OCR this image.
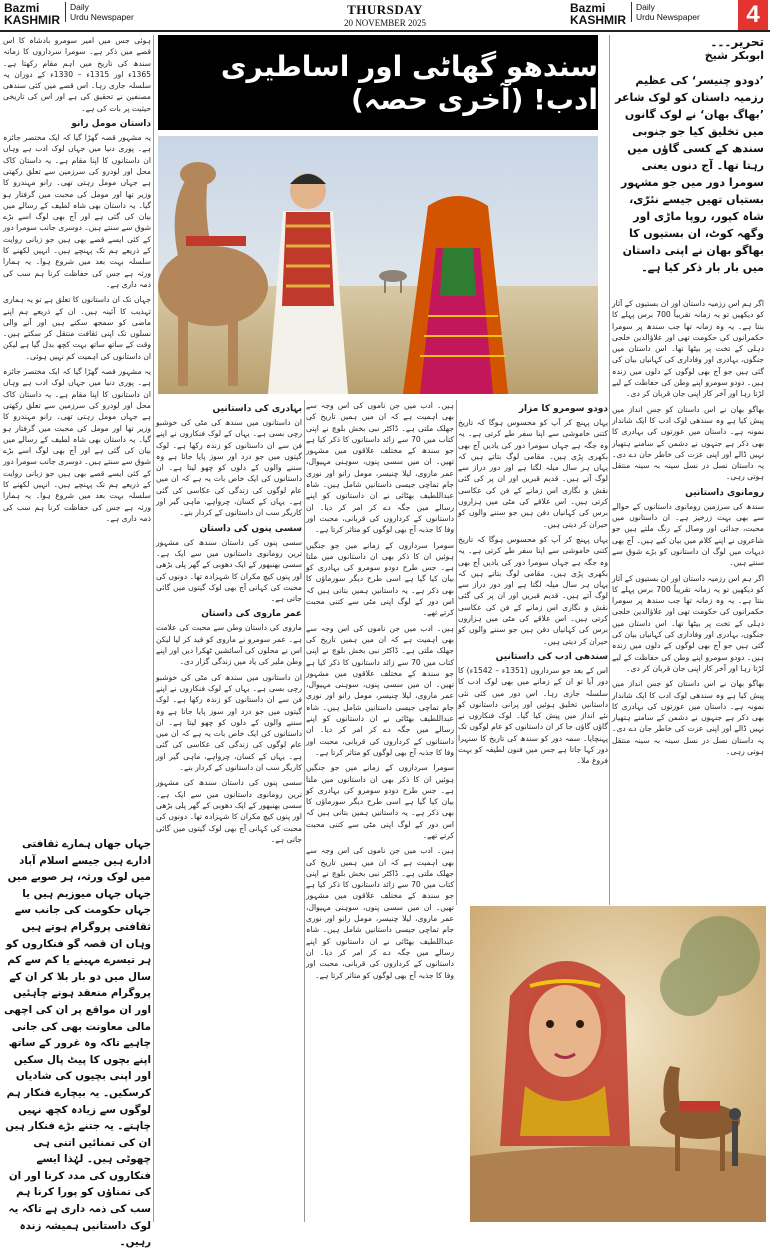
Bazmi
KASHMIR
Daily
Urdu Newspaper	THURSDAY
20 NOVEMBER 2025
Bazmi
KASHMIR
Daily
Urdu Newspaper	4
سندھو گھاٹی اور اساطیری ادب! (آخری حصہ)
تحریر۔۔۔
ابوبکر شیخ
’دودو چنیسر‘ کی عظیم رزمیہ داستان کو لوک شاعر ’بھاگ بھان‘ نے لوک گانوں میں تخلیق کیا جو جنوبی سندھ کے کسی گاؤں میں رہتا تھا۔ آج دنوں یعنی سومرا دور میں جو مشہور بستیاں تھیں جیسے نئرّی، شاہ کپور، روپا ماڑی اور وگھہ کوٹ، ان بستیوں کا بھاگو بھان نے اپنی داستان میں بار بار ذکر کیا ہے۔

اگر ہم اس رزمیہ داستان اور ان بستیوں کے آثار کو دیکھیں تو یہ زمانہ تقریباً 700 برس پہلے کا بنتا ہے۔ یہ وہ زمانہ تھا جب سندھ پر سومرا حکمرانوں کی حکومت تھی اور علاؤالدین خلجی دہلی کے تخت پر بیٹھا تھا۔ اس داستان میں جنگوں، بہادری اور وفاداری کی کہانیاں بیان کی گئی ہیں جو آج بھی لوگوں کے دلوں میں زندہ ہیں۔ دودو سومرو اپنے وطن کی حفاظت کے لیے لڑتا رہا اور آخر کار اپنی جان قربان کر دی۔

بھاگو بھان نے اس داستان کو جس انداز میں پیش کیا ہے وہ سندھی لوک ادب کا ایک شاندار نمونہ ہے۔ داستان میں عورتوں کی بہادری کا بھی ذکر ہے جنہوں نے دشمن کے سامنے ہتھیار نہیں ڈالے اور اپنی عزت کی خاطر جان دے دی۔ یہ داستان نسل در نسل سینہ بہ سینہ منتقل ہوتی رہی۔

رومانوی داستانیں

سندھ کی سرزمین رومانوی داستانوں کے حوالے سے بھی بہت زرخیز ہے۔ ان داستانوں میں محبت، جدائی اور وصال کے رنگ ملتے ہیں جو شاعروں نے اپنے کلام میں بیان کیے ہیں۔ آج بھی دیہات میں لوگ ان داستانوں کو بڑے شوق سے سنتے ہیں۔

اگر ہم اس رزمیہ داستان اور ان بستیوں کے آثار کو دیکھیں تو یہ زمانہ تقریباً 700 برس پہلے کا بنتا ہے۔ یہ وہ زمانہ تھا جب سندھ پر سومرا حکمرانوں کی حکومت تھی اور علاؤالدین خلجی دہلی کے تخت پر بیٹھا تھا۔ اس داستان میں جنگوں، بہادری اور وفاداری کی کہانیاں بیان کی گئی ہیں جو آج بھی لوگوں کے دلوں میں زندہ ہیں۔ دودو سومرو اپنے وطن کی حفاظت کے لیے لڑتا رہا اور آخر کار اپنی جان قربان کر دی۔

بھاگو بھان نے اس داستان کو جس انداز میں پیش کیا ہے وہ سندھی لوک ادب کا ایک شاندار نمونہ ہے۔ داستان میں عورتوں کی بہادری کا بھی ذکر ہے جنہوں نے دشمن کے سامنے ہتھیار نہیں ڈالے اور اپنی عزت کی خاطر جان دے دی۔ یہ داستان نسل در نسل سینہ بہ سینہ منتقل ہوتی رہی۔

دودو سومرو کا مزار

یہاں پہنچ کر آپ کو محسوس ہوگا کہ تاریخ کتنی خاموشی سے اپنا سفر طے کرتی ہے۔ یہ وہ جگہ ہے جہاں سومرا دور کی یادیں آج بھی بکھری پڑی ہیں۔ مقامی لوگ بتاتے ہیں کہ یہاں ہر سال میلہ لگتا ہے اور دور دراز سے لوگ آتے ہیں۔ قدیم قبریں اور ان پر کی گئی نقش و نگاری اس زمانے کے فن کی عکاسی کرتی ہیں۔ اس علاقے کی مٹی میں ہزاروں برس کی کہانیاں دفن ہیں جو سننے والوں کو حیران کر دیتی ہیں۔

یہاں پہنچ کر آپ کو محسوس ہوگا کہ تاریخ کتنی خاموشی سے اپنا سفر طے کرتی ہے۔ یہ وہ جگہ ہے جہاں سومرا دور کی یادیں آج بھی بکھری پڑی ہیں۔ مقامی لوگ بتاتے ہیں کہ یہاں ہر سال میلہ لگتا ہے اور دور دراز سے لوگ آتے ہیں۔ قدیم قبریں اور ان پر کی گئی نقش و نگاری اس زمانے کے فن کی عکاسی کرتی ہیں۔ اس علاقے کی مٹی میں ہزاروں برس کی کہانیاں دفن ہیں جو سننے والوں کو حیران کر دیتی ہیں۔

سندھی ادب کی داستانیں

اس کے بعد جو سرداروں (1351ء – 1542ء) کا دور آیا تو ان کے زمانے میں بھی لوک ادب کا سلسلہ جاری رہا۔ اس دور میں کئی نئی داستانیں تخلیق ہوئیں اور پرانی داستانوں کو نئے انداز میں پیش کیا گیا۔ لوک فنکاروں نے گاؤں گاؤں جا کر ان داستانوں کو عام لوگوں تک پہنچایا۔ سمہ دور کو سندھ کی تاریخ کا سنہرا دور کہا جاتا ہے جس میں فنون لطیفہ کو بہت فروغ ملا۔

ہیں۔ ادب میں جن ناموں کی اس وجہ سے بھی اہمیت ہے کہ ان میں ہمیں تاریخ کی جھلک ملتی ہے۔ ڈاکٹر نبی بخش بلوچ نے اپنی کتاب میں 70 سے زائد داستانوں کا ذکر کیا ہے جو سندھ کے مختلف علاقوں میں مشہور تھیں۔ ان میں سسی پنوں، سوہنی مہیوال، عمر ماروی، لیلا چنیسر، مومل رانو اور نوری جام تماچی جیسی داستانیں شامل ہیں۔ شاہ عبداللطیف بھٹائی نے ان داستانوں کو اپنے رسالے میں جگہ دے کر امر کر دیا۔ ان داستانوں کے کرداروں کی قربانی، محبت اور وفا کا جذبہ آج بھی لوگوں کو متاثر کرتا ہے۔

سومرا سرداروں کے زمانے میں جو جنگیں ہوئیں ان کا ذکر بھی ان داستانوں میں ملتا ہے۔ جس طرح دودو سومرو کی بہادری کو بیان کیا گیا ہے اسی طرح دیگر سورماؤں کا بھی ذکر ہے۔ یہ داستانیں ہمیں بتاتی ہیں کہ اس دور کے لوگ اپنی مٹی سے کتنی محبت کرتے تھے۔

ہیں۔ ادب میں جن ناموں کی اس وجہ سے بھی اہمیت ہے کہ ان میں ہمیں تاریخ کی جھلک ملتی ہے۔ ڈاکٹر نبی بخش بلوچ نے اپنی کتاب میں 70 سے زائد داستانوں کا ذکر کیا ہے جو سندھ کے مختلف علاقوں میں مشہور تھیں۔ ان میں سسی پنوں، سوہنی مہیوال، عمر ماروی، لیلا چنیسر، مومل رانو اور نوری جام تماچی جیسی داستانیں شامل ہیں۔ شاہ عبداللطیف بھٹائی نے ان داستانوں کو اپنے رسالے میں جگہ دے کر امر کر دیا۔ ان داستانوں کے کرداروں کی قربانی، محبت اور وفا کا جذبہ آج بھی لوگوں کو متاثر کرتا ہے۔

سومرا سرداروں کے زمانے میں جو جنگیں ہوئیں ان کا ذکر بھی ان داستانوں میں ملتا ہے۔ جس طرح دودو سومرو کی بہادری کو بیان کیا گیا ہے اسی طرح دیگر سورماؤں کا بھی ذکر ہے۔ یہ داستانیں ہمیں بتاتی ہیں کہ اس دور کے لوگ اپنی مٹی سے کتنی محبت کرتے تھے۔

ہیں۔ ادب میں جن ناموں کی اس وجہ سے بھی اہمیت ہے کہ ان میں ہمیں تاریخ کی جھلک ملتی ہے۔ ڈاکٹر نبی بخش بلوچ نے اپنی کتاب میں 70 سے زائد داستانوں کا ذکر کیا ہے جو سندھ کے مختلف علاقوں میں مشہور تھیں۔ ان میں سسی پنوں، سوہنی مہیوال، عمر ماروی، لیلا چنیسر، مومل رانو اور نوری جام تماچی جیسی داستانیں شامل ہیں۔ شاہ عبداللطیف بھٹائی نے ان داستانوں کو اپنے رسالے میں جگہ دے کر امر کر دیا۔ ان داستانوں کے کرداروں کی قربانی، محبت اور وفا کا جذبہ آج بھی لوگوں کو متاثر کرتا ہے۔

بہادری کی داستانیں

ان داستانوں میں سندھ کی مٹی کی خوشبو رچی بسی ہے۔ یہاں کے لوک فنکاروں نے اپنے فن سے ان داستانوں کو زندہ رکھا ہے۔ لوک گیتوں میں جو درد اور سوز پایا جاتا ہے وہ سننے والوں کے دلوں کو چھو لیتا ہے۔ ان داستانوں کی ایک خاص بات یہ ہے کہ ان میں عام لوگوں کی زندگی کی عکاسی کی گئی ہے۔ یہاں کے کسان، چرواہے، ماہی گیر اور کاریگر سب ان داستانوں کے کردار بنے۔

سسی پنوں کی داستان

سسی پنوں کی داستان سندھ کی مشہور ترین رومانوی داستانوں میں سے ایک ہے۔ سسی بھنبھور کے ایک دھوبی کے گھر پلی بڑھی اور پنوں کیچ مکران کا شہزادہ تھا۔ دونوں کی محبت کی کہانی آج بھی لوک گیتوں میں گائی جاتی ہے۔

عمر ماروی کی داستان

ماروی کی داستان وطن سے محبت کی علامت ہے۔ عمر سومرو نے ماروی کو قید کر لیا لیکن اس نے محلوں کی آسائشیں ٹھکرا دیں اور اپنے وطن ملیر کی یاد میں زندگی گزار دی۔

ان داستانوں میں سندھ کی مٹی کی خوشبو رچی بسی ہے۔ یہاں کے لوک فنکاروں نے اپنے فن سے ان داستانوں کو زندہ رکھا ہے۔ لوک گیتوں میں جو درد اور سوز پایا جاتا ہے وہ سننے والوں کے دلوں کو چھو لیتا ہے۔ ان داستانوں کی ایک خاص بات یہ ہے کہ ان میں عام لوگوں کی زندگی کی عکاسی کی گئی ہے۔ یہاں کے کسان، چرواہے، ماہی گیر اور کاریگر سب ان داستانوں کے کردار بنے۔

سسی پنوں کی داستان سندھ کی مشہور ترین رومانوی داستانوں میں سے ایک ہے۔ سسی بھنبھور کے ایک دھوبی کے گھر پلی بڑھی اور پنوں کیچ مکران کا شہزادہ تھا۔ دونوں کی محبت کی کہانی آج بھی لوک گیتوں میں گائی جاتی ہے۔

ہوئی جس میں امیر سومرو بادشاہ کا اس قصے میں ذکر ہے۔ سومرا سرداروں کا زمانہ سندھ کی تاریخ میں اہم مقام رکھتا ہے۔ 1365ء اور 1315ء – 1330ء کے دوران یہ سلسلہ جاری رہا۔ اس قصے میں کئی سندھی مصنفین نے تحقیق کی ہے اور اس کی تاریخی حیثیت پر بات کی ہے۔

داستان مومل رانو

یہ مشہور قصہ گھڑا گیا کہ ایک مختصر جائزہ ہے۔ پوری دنیا میں جہاں لوک ادب ہے وہاں ان داستانوں کا اپنا مقام ہے۔ یہ داستان کاک محل اور لودرو کی سرزمین سے تعلق رکھتی ہے جہاں مومل رہتی تھی۔ رانو مہندرو کا وزیر تھا اور مومل کی محبت میں گرفتار ہو گیا۔ یہ داستان بھی شاہ لطیف کے رسالے میں بیان کی گئی ہے اور آج بھی لوگ اسے بڑے شوق سے سنتے ہیں۔ دوسری جانب سومرا دور کے کئی ایسے قصے بھی ہیں جو زبانی روایت کے ذریعے ہم تک پہنچے ہیں۔ انہیں لکھنے کا سلسلہ بہت بعد میں شروع ہوا۔ یہ ہمارا ورثہ ہے جس کی حفاظت کرنا ہم سب کی ذمہ داری ہے۔

جہاں تک ان داستانوں کا تعلق ہے تو یہ ہماری تہذیب کا آئینہ ہیں۔ ان کے ذریعے ہم اپنے ماضی کو سمجھ سکتے ہیں اور آنے والی نسلوں تک اپنی ثقافت منتقل کر سکتے ہیں۔ وقت کے ساتھ ساتھ بہت کچھ بدل گیا ہے لیکن ان داستانوں کی اہمیت کم نہیں ہوئی۔

یہ مشہور قصہ گھڑا گیا کہ ایک مختصر جائزہ ہے۔ پوری دنیا میں جہاں لوک ادب ہے وہاں ان داستانوں کا اپنا مقام ہے۔ یہ داستان کاک محل اور لودرو کی سرزمین سے تعلق رکھتی ہے جہاں مومل رہتی تھی۔ رانو مہندرو کا وزیر تھا اور مومل کی محبت میں گرفتار ہو گیا۔ یہ داستان بھی شاہ لطیف کے رسالے میں بیان کی گئی ہے اور آج بھی لوگ اسے بڑے شوق سے سنتے ہیں۔ دوسری جانب سومرا دور کے کئی ایسے قصے بھی ہیں جو زبانی روایت کے ذریعے ہم تک پہنچے ہیں۔ انہیں لکھنے کا سلسلہ بہت بعد میں شروع ہوا۔ یہ ہمارا ورثہ ہے جس کی حفاظت کرنا ہم سب کی ذمہ داری ہے۔

جہاں جھاں ہمارے ثقافتی ادارے ہیں جیسے اسلام آباد میں لوک ورثہ، ہر صوبے میں جہاں جہاں میوزیم ہیں یا جہاں حکومت کی جانب سے ثقافتی پروگرام ہوتے ہیں وہاں ان قصہ گو فنکاروں کو ہر تیسرے مہینے یا کم سے کم سال میں دو بار بلا کر ان کے پروگرام منعقد ہونے چاہئیں اور ان مواقع پر ان کی اچھی مالی معاونت بھی کی جانی چاہیے تاکہ وہ غرور کے ساتھ اپنے بچوں کا پیٹ پال سکیں اور اپنی بچیوں کی شادیاں کرسکیں۔ یہ بیچارے فنکار ہم لوگوں سے زیادہ کچھ نہیں چاہتے۔ یہ جتنے بڑے فنکار ہیں ان کی تمنائیں اتنی ہی چھوٹی ہیں۔ لہٰذا ایسے فنکاروں کی مدد کرنا اور ان کی تمناؤں کو پورا کرنا ہم سب کی ذمہ داری ہے تاکہ یہ لوک داستانیں ہمیشہ زندہ رہیں۔
